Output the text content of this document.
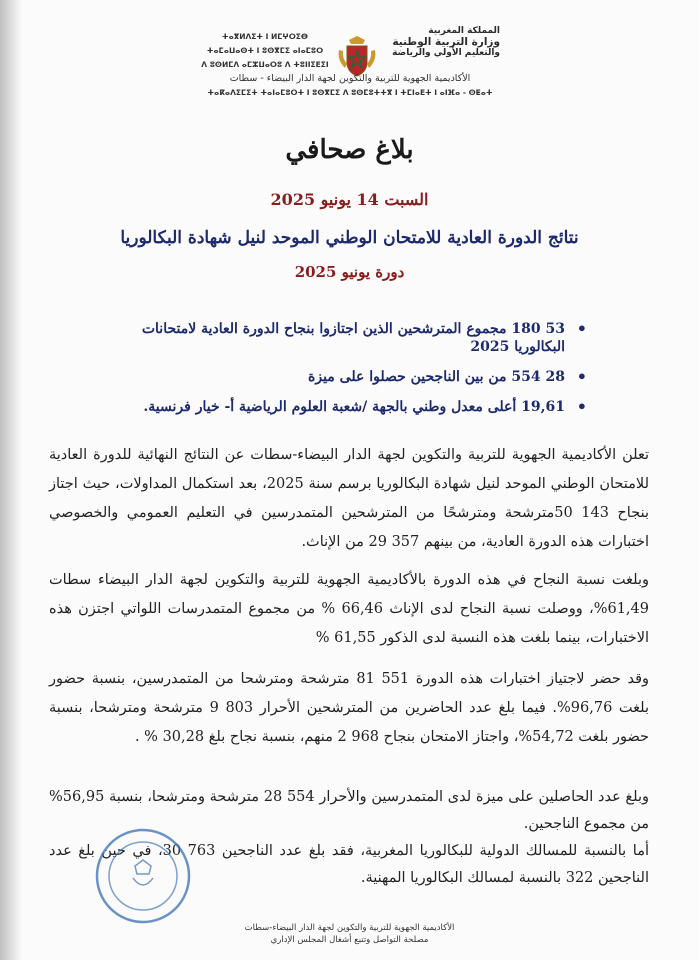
ⵜⴰⴳⵍⴷⵉⵜ ⵏ ⵍⵎⵖⵔⵉⴱ
ⵜⴰⵎⴰⵡⴰⵙⵜ ⵏ ⵓⵙⴳⵎⵉ ⴰⵏⴰⵎⵓⵔ
ⴷ ⵓⵙⵍⵎⴷ ⴰⵎⵣⵡⴰⵔⵓ ⴷ ⵜⵓⵏⵏⵉⴹⵉⵏ
المملكة المغربية
وزارة التربية الوطنية
والتعليم الأولي والرياضة
الأكاديمية الجهوية للتربية والتكوين لجهة الدار البيضاء - سطات
ⵜⴰⴽⴰⴷⵉⵎⵉⵜ ⵜⴰⵏⴰⵎⵓⵔⵜ ⵏ ⵓⵙⴳⵎⵉ ⴷ ⵓⵙⵎⵓⵜⵜⴳ ⵏ ⵜⵎⵏⴰⴹⵜ ⵏ ⴰⵏⴼⴰ - ⵙⵟⴰⵜ
بلاغ صحافي
السبت 14 يونيو 2025
نتائج الدورة العادية للامتحان الوطني الموحد لنيل شهادة البكالوريا
دورة يونيو 2025
• 53 180 مجموع المترشحين الذين اجتازوا بنجاح الدورة العادية لامتحانات البكالوريا 2025
• 28 554 من بين الناجحين حصلوا على ميزة
• 19,61 أعلى معدل وطني بالجهة /شعبة العلوم الرياضية أ- خيار فرنسية.
تعلن الأكاديمية الجهوية للتربية والتكوين لجهة الدار البيضاء-سطات عن النتائج النهائية للدورة العادية للامتحان الوطني الموحد لنيل شهادة البكالوريا برسم سنة 2025، بعد استكمال المداولات، حيث اجتاز بنجاح 143 50مترشحة ومترشحًا من المترشحين المتمدرسين في التعليم العمومي والخصوصي اختبارات هذه الدورة العادية، من بينهم 357 29 من الإناث.
وبلغت نسبة النجاح في هذه الدورة بالأكاديمية الجهوية للتربية والتكوين لجهة الدار البيضاء سطات 61,49%، ووصلت نسبة النجاح لدى الإناث 66,46 % من مجموع المتمدرسات اللواتي اجتزن هذه الاختبارات، بينما بلغت هذه النسبة لدى الذكور 61,55 %
وقد حضر لاجتياز اختبارات هذه الدورة 551 81 مترشحة ومترشحا من المتمدرسين، بنسبة حضور بلغت 96,76%. فيما بلغ عدد الحاضرين من المترشحين الأحرار 803 9 مترشحة ومترشحا، بنسبة حضور بلغت 54,72%، واجتاز الامتحان بنجاح 968 2 منهم، بنسبة نجاح بلغ 30,28 % .
وبلغ عدد الحاصلين على ميزة لدى المتمدرسين والأحرار 554 28 مترشحة ومترشحا، بنسبة 56,95% من مجموع الناجحين.
أما بالنسبة للمسالك الدولية للبكالوريا المغربية، فقد بلغ عدد الناجحين 763 30، في حين بلغ عدد الناجحين 322 بالنسبة لمسالك البكالوريا المهنية.
الأكاديمية الجهوية للتربية والتكوين لجهة الدار البيضاء-سطات
مصلحة التواصل وتتبع أشغال المجلس الإداري
